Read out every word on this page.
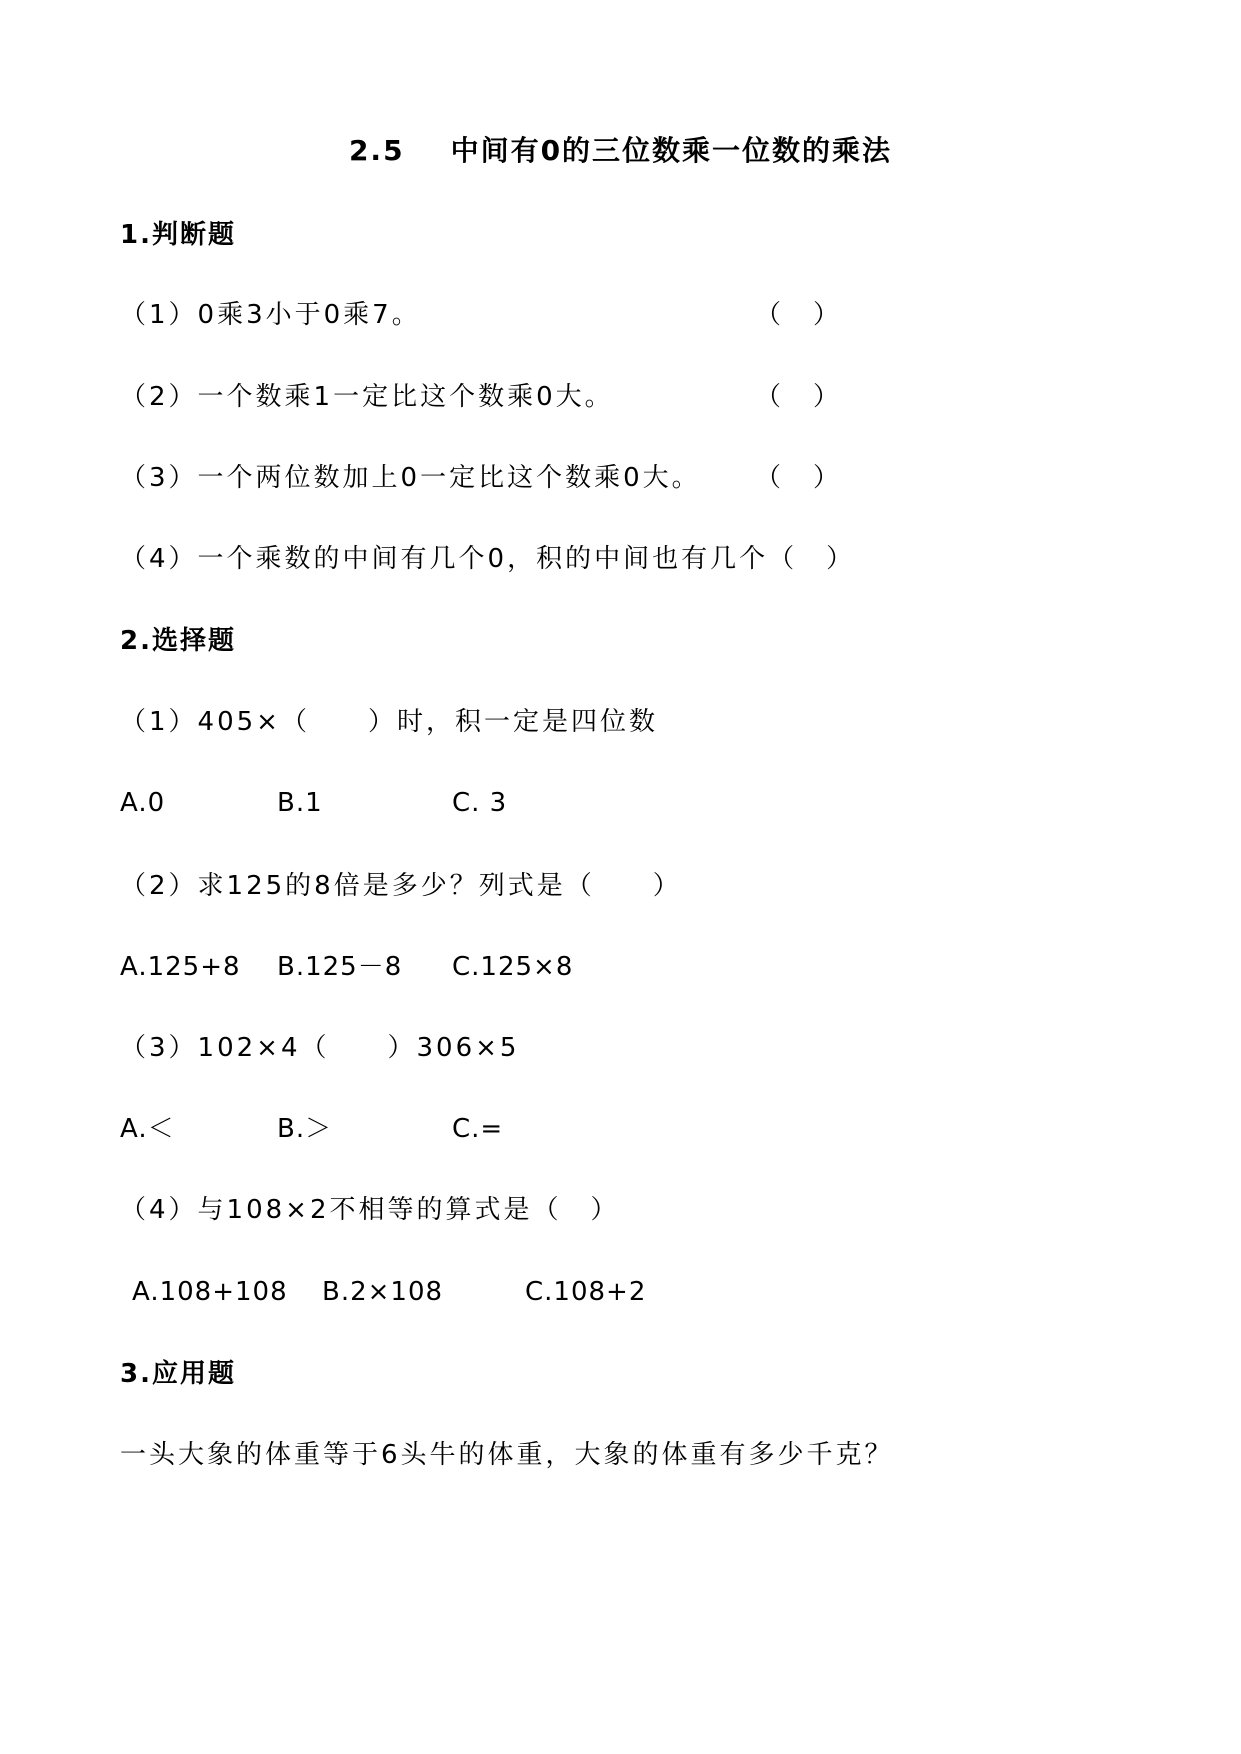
2.5 中间有0的三位数乘一位数的乘法
1.判断题
（1）0乘3小于0乘7。	（　）
（2）一个数乘1一定比这个数乘0大。	（　）
（3）一个两位数加上0一定比这个数乘0大。 （　）
（4）一个乘数的中间有几个0，积的中间也有几个（　）
2.选择题
（1）405×（　　）时，积一定是四位数
A.0	B.1	C. 3
（2）求125的8倍是多少？列式是（　　）
A.125+8 B.125－8 C.125×8
（3）102×4（　　）306×5
A.＜	B.＞	C.=
（4）与108×2不相等的算式是（　）
A.108+108 B.2×108	C.108+2
3.应用题
一头大象的体重等于6头牛的体重，大象的体重有多少千克？
